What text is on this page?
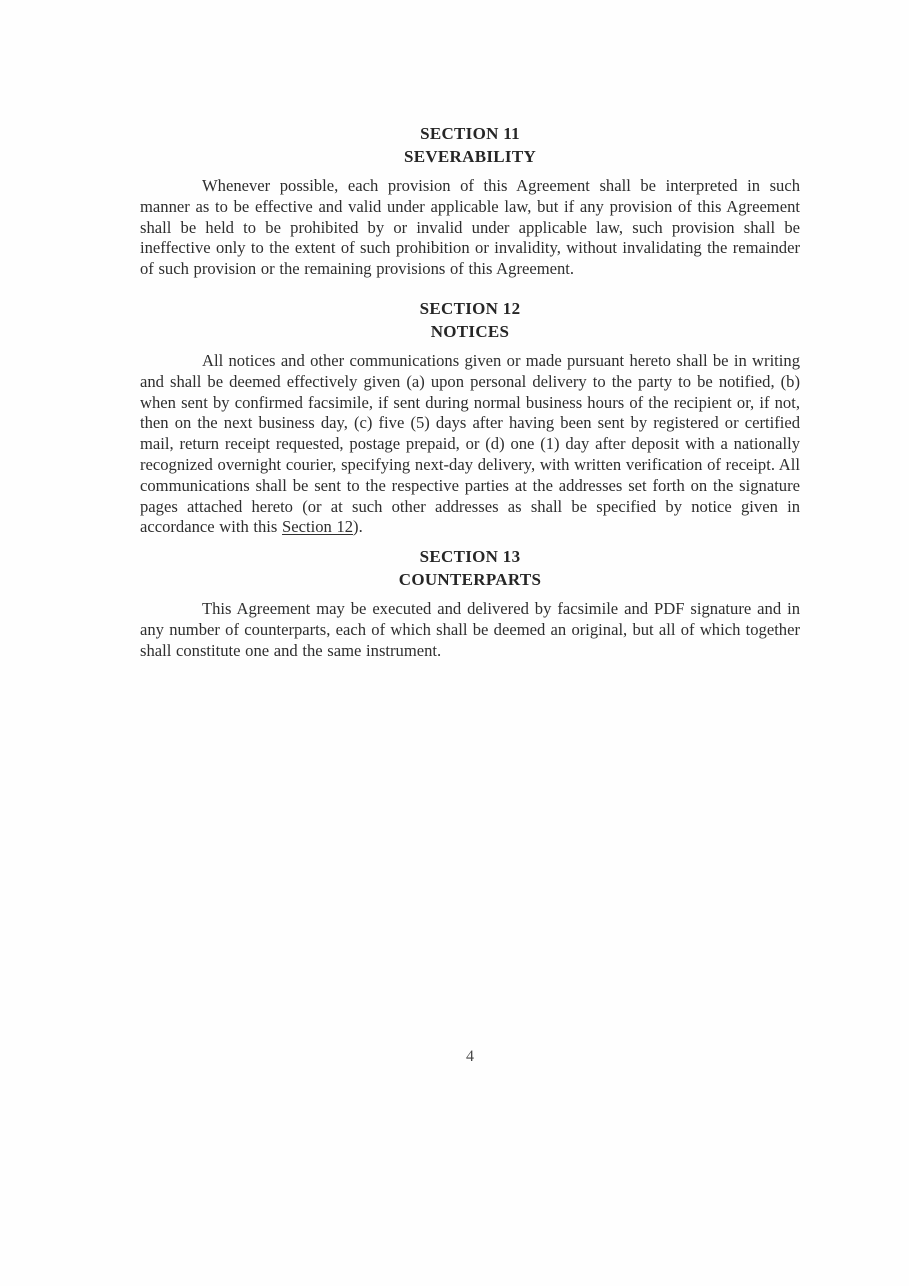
SECTION 11
SEVERABILITY

Whenever possible, each provision of this Agreement shall be interpreted in such manner as to be effective and valid under applicable law, but if any provision of this Agreement shall be held to be prohibited by or invalid under applicable law, such provision shall be ineffective only to the extent of such prohibition or invalidity, without invalidating the remainder of such provision or the remaining provisions of this Agreement.

SECTION 12
NOTICES

All notices and other communications given or made pursuant hereto shall be in writing and shall be deemed effectively given (a) upon personal delivery to the party to be notified, (b) when sent by confirmed facsimile, if sent during normal business hours of the recipient or, if not, then on the next business day, (c) five (5) days after having been sent by registered or certified mail, return receipt requested, postage prepaid, or (d) one (1) day after deposit with a nationally recognized overnight courier, specifying next-day delivery, with written verification of receipt. All communications shall be sent to the respective parties at the addresses set forth on the signature pages attached hereto (or at such other addresses as shall be specified by notice given in accordance with this Section 12).

SECTION 13
COUNTERPARTS

This Agreement may be executed and delivered by facsimile and PDF signature and in any number of counterparts, each of which shall be deemed an original, but all of which together shall constitute one and the same instrument.

4
